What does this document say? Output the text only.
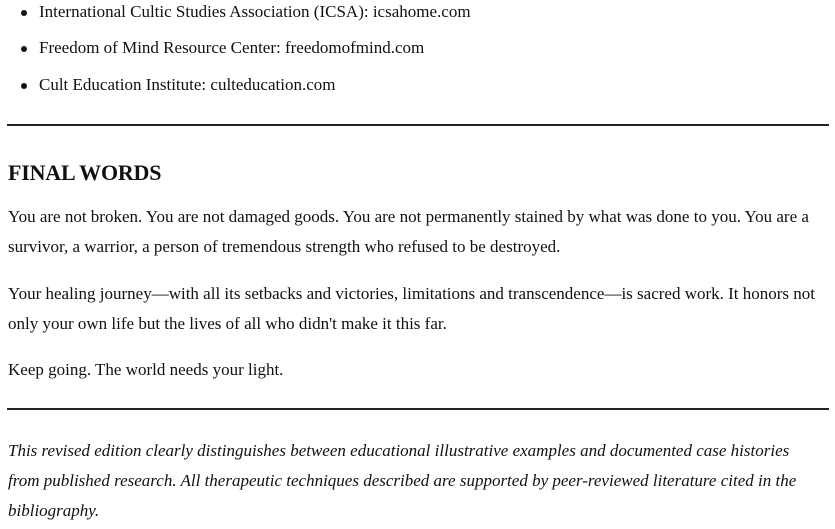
International Cultic Studies Association (ICSA): icsahome.com
Freedom of Mind Resource Center: freedomofmind.com
Cult Education Institute: culteducation.com
FINAL WORDS

You are not broken. You are not damaged goods. You are not permanently stained by what was done to you. You are a survivor, a warrior, a person of tremendous strength who refused to be destroyed.

Your healing journey—with all its setbacks and victories, limitations and transcendence—is sacred work. It honors not only your own life but the lives of all who didn't make it this far.

Keep going. The world needs your light.

This revised edition clearly distinguishes between educational illustrative examples and documented case histories from published research. All therapeutic techniques described are supported by peer-reviewed literature cited in the bibliography.
